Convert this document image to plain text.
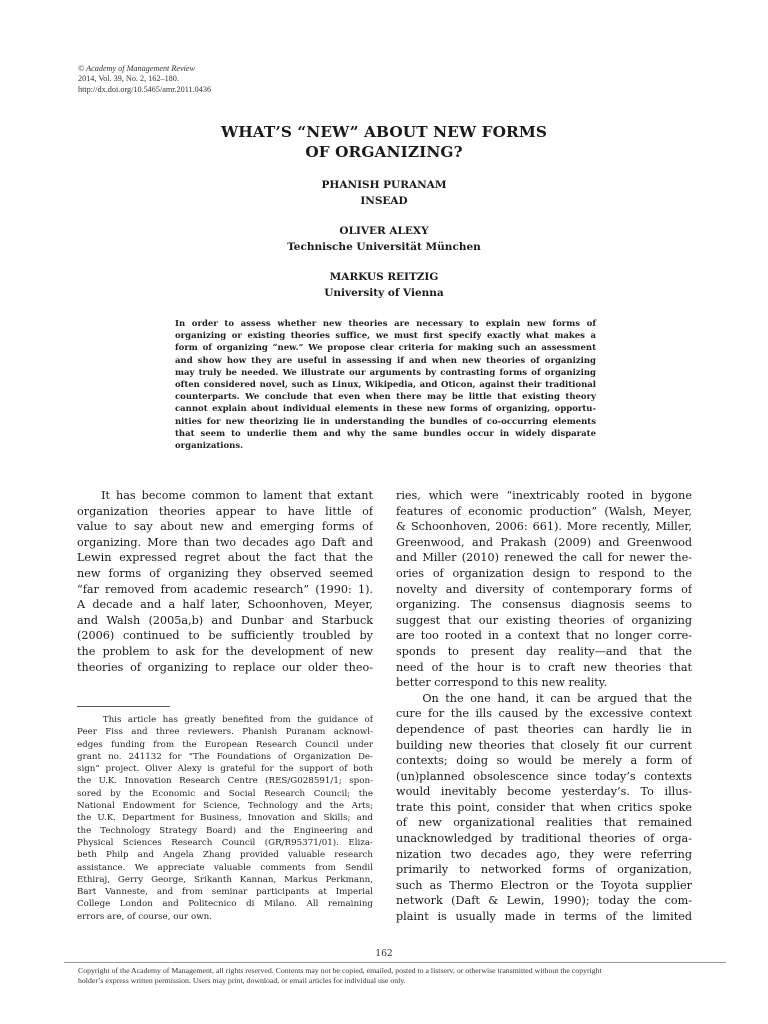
© Academy of Management Review
2014, Vol. 39, No. 2, 162–180.
http://dx.doi.org/10.5465/amr.2011.0436
WHAT’S “NEW” ABOUT NEW FORMS
OF ORGANIZING?
PHANISH PURANAM
INSEAD
OLIVER ALEXY
Technische Universität München
MARKUS REITZIG
University of Vienna
In order to assess whether new theories are necessary to explain new forms of
organizing or existing theories suffice, we must first specify exactly what makes a
form of organizing “new.” We propose clear criteria for making such an assessment
and show how they are useful in assessing if and when new theories of organizing
may truly be needed. We illustrate our arguments by contrasting forms of organizing
often considered novel, such as Linux, Wikipedia, and Oticon, against their traditional
counterparts. We conclude that even when there may be little that existing theory
cannot explain about individual elements in these new forms of organizing, opportu-
nities for new theorizing lie in understanding the bundles of co-occurring elements
that seem to underlie them and why the same bundles occur in widely disparate
organizations.
It has become common to lament that extant
organization theories appear to have little of
value to say about new and emerging forms of
organizing. More than two decades ago Daft and
Lewin expressed regret about the fact that the
new forms of organizing they observed seemed
“far removed from academic research” (1990: 1).
A decade and a half later, Schoonhoven, Meyer,
and Walsh (2005a,b) and Dunbar and Starbuck
(2006) continued to be sufficiently troubled by
the problem to ask for the development of new
theories of organizing to replace our older theo-
This article has greatly benefited from the guidance of
Peer Fiss and three reviewers. Phanish Puranam acknowl-
edges funding from the European Research Council under
grant no. 241132 for “The Foundations of Organization De-
sign” project. Oliver Alexy is grateful for the support of both
the U.K. Innovation Research Centre (RES/G028591/1; spon-
sored by the Economic and Social Research Council; the
National Endowment for Science, Technology and the Arts;
the U.K. Department for Business, Innovation and Skills; and
the Technology Strategy Board) and the Engineering and
Physical Sciences Research Council (GR/R95371/01). Eliza-
beth Philp and Angela Zhang provided valuable research
assistance. We appreciate valuable comments from Sendil
Ethiraj, Gerry George, Srikanth Kannan, Markus Perkmann,
Bart Vanneste, and from seminar participants at Imperial
College London and Politecnico di Milano. All remaining
errors are, of course, our own.
ries, which were “inextricably rooted in bygone
features of economic production” (Walsh, Meyer,
& Schoonhoven, 2006: 661). More recently, Miller,
Greenwood, and Prakash (2009) and Greenwood
and Miller (2010) renewed the call for newer the-
ories of organization design to respond to the
novelty and diversity of contemporary forms of
organizing. The consensus diagnosis seems to
suggest that our existing theories of organizing
are too rooted in a context that no longer corre-
sponds to present day reality—and that the
need of the hour is to craft new theories that
better correspond to this new reality.
On the one hand, it can be argued that the
cure for the ills caused by the excessive context
dependence of past theories can hardly lie in
building new theories that closely fit our current
contexts; doing so would be merely a form of
(un)planned obsolescence since today’s contexts
would inevitably become yesterday’s. To illus-
trate this point, consider that when critics spoke
of new organizational realities that remained
unacknowledged by traditional theories of orga-
nization two decades ago, they were referring
primarily to networked forms of organization,
such as Thermo Electron or the Toyota supplier
network (Daft & Lewin, 1990); today the com-
plaint is usually made in terms of the limited
162
Copyright of the Academy of Management, all rights reserved. Contents may not be copied, emailed, posted to a listserv, or otherwise transmitted without the copyright
holder’s express written permission. Users may print, download, or email articles for individual use only.
